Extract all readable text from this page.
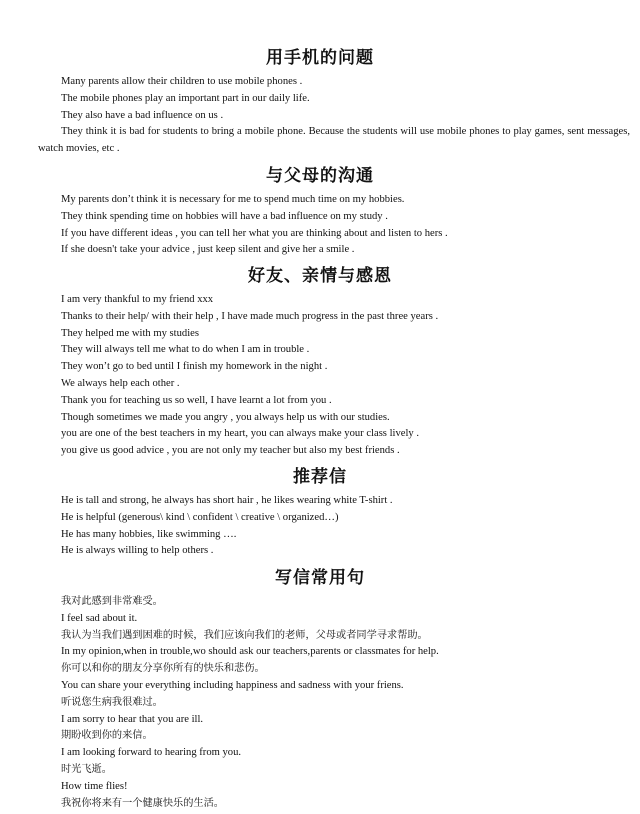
用手机的问题
Many parents allow their children to use mobile phones .
The mobile phones play an important part in our daily life.
They also have a bad influence on us .
They think it is bad for students to bring a mobile phone. Because the students will use mobile phones to play games, sent messages, watch movies, etc .
与父母的沟通
My parents don’t think it is necessary for me to spend much time on my hobbies.
They think spending time on hobbies will have a bad influence on my study .
If you have different ideas , you can tell her what you are thinking about and listen to hers .
If she doesn't take your advice , just keep silent and give her a smile .
好友、亲情与感恩
I am very thankful to my friend xxx
Thanks to their help/ with their help , I have made much progress in the past three years .
They helped me with my studies
They will always tell me what to do when I am in trouble .
They won’t go to bed until I finish my homework in the night .
We always help each other .
Thank you for teaching us so well, I have learnt a lot from you .
Though sometimes we made you angry , you always help us with our studies.
you are one of the best teachers in my heart, you can always make your class lively .
you give us good advice , you are not only my teacher but also my best friends .
推荐信
He is tall and strong, he always has short hair , he likes wearing white T-shirt .
He is helpful (generous\ kind \ confident \ creative \ organized…)
He has many hobbies, like swimming ….
He is always willing to help others .
写信常用句
我对此感到非常难受。
I feel sad about it.
我认为当我们遇到困难的时候，我们应该向我们的老师，父母或者同学寻求帮助。
In my opinion,when in trouble,wo should ask our teachers,parents or classmates for help.
你可以和你的朋友分享你所有的快乐和悲伤。
You can share your everything including happiness and sadness with your friens.
听说您生病我很难过。
I am sorry to hear that you are ill.
期盼收到你的来信。
I am looking forward to hearing from you.
时光飞逝。
How time flies!
我祝你将来有一个健康快乐的生活。
